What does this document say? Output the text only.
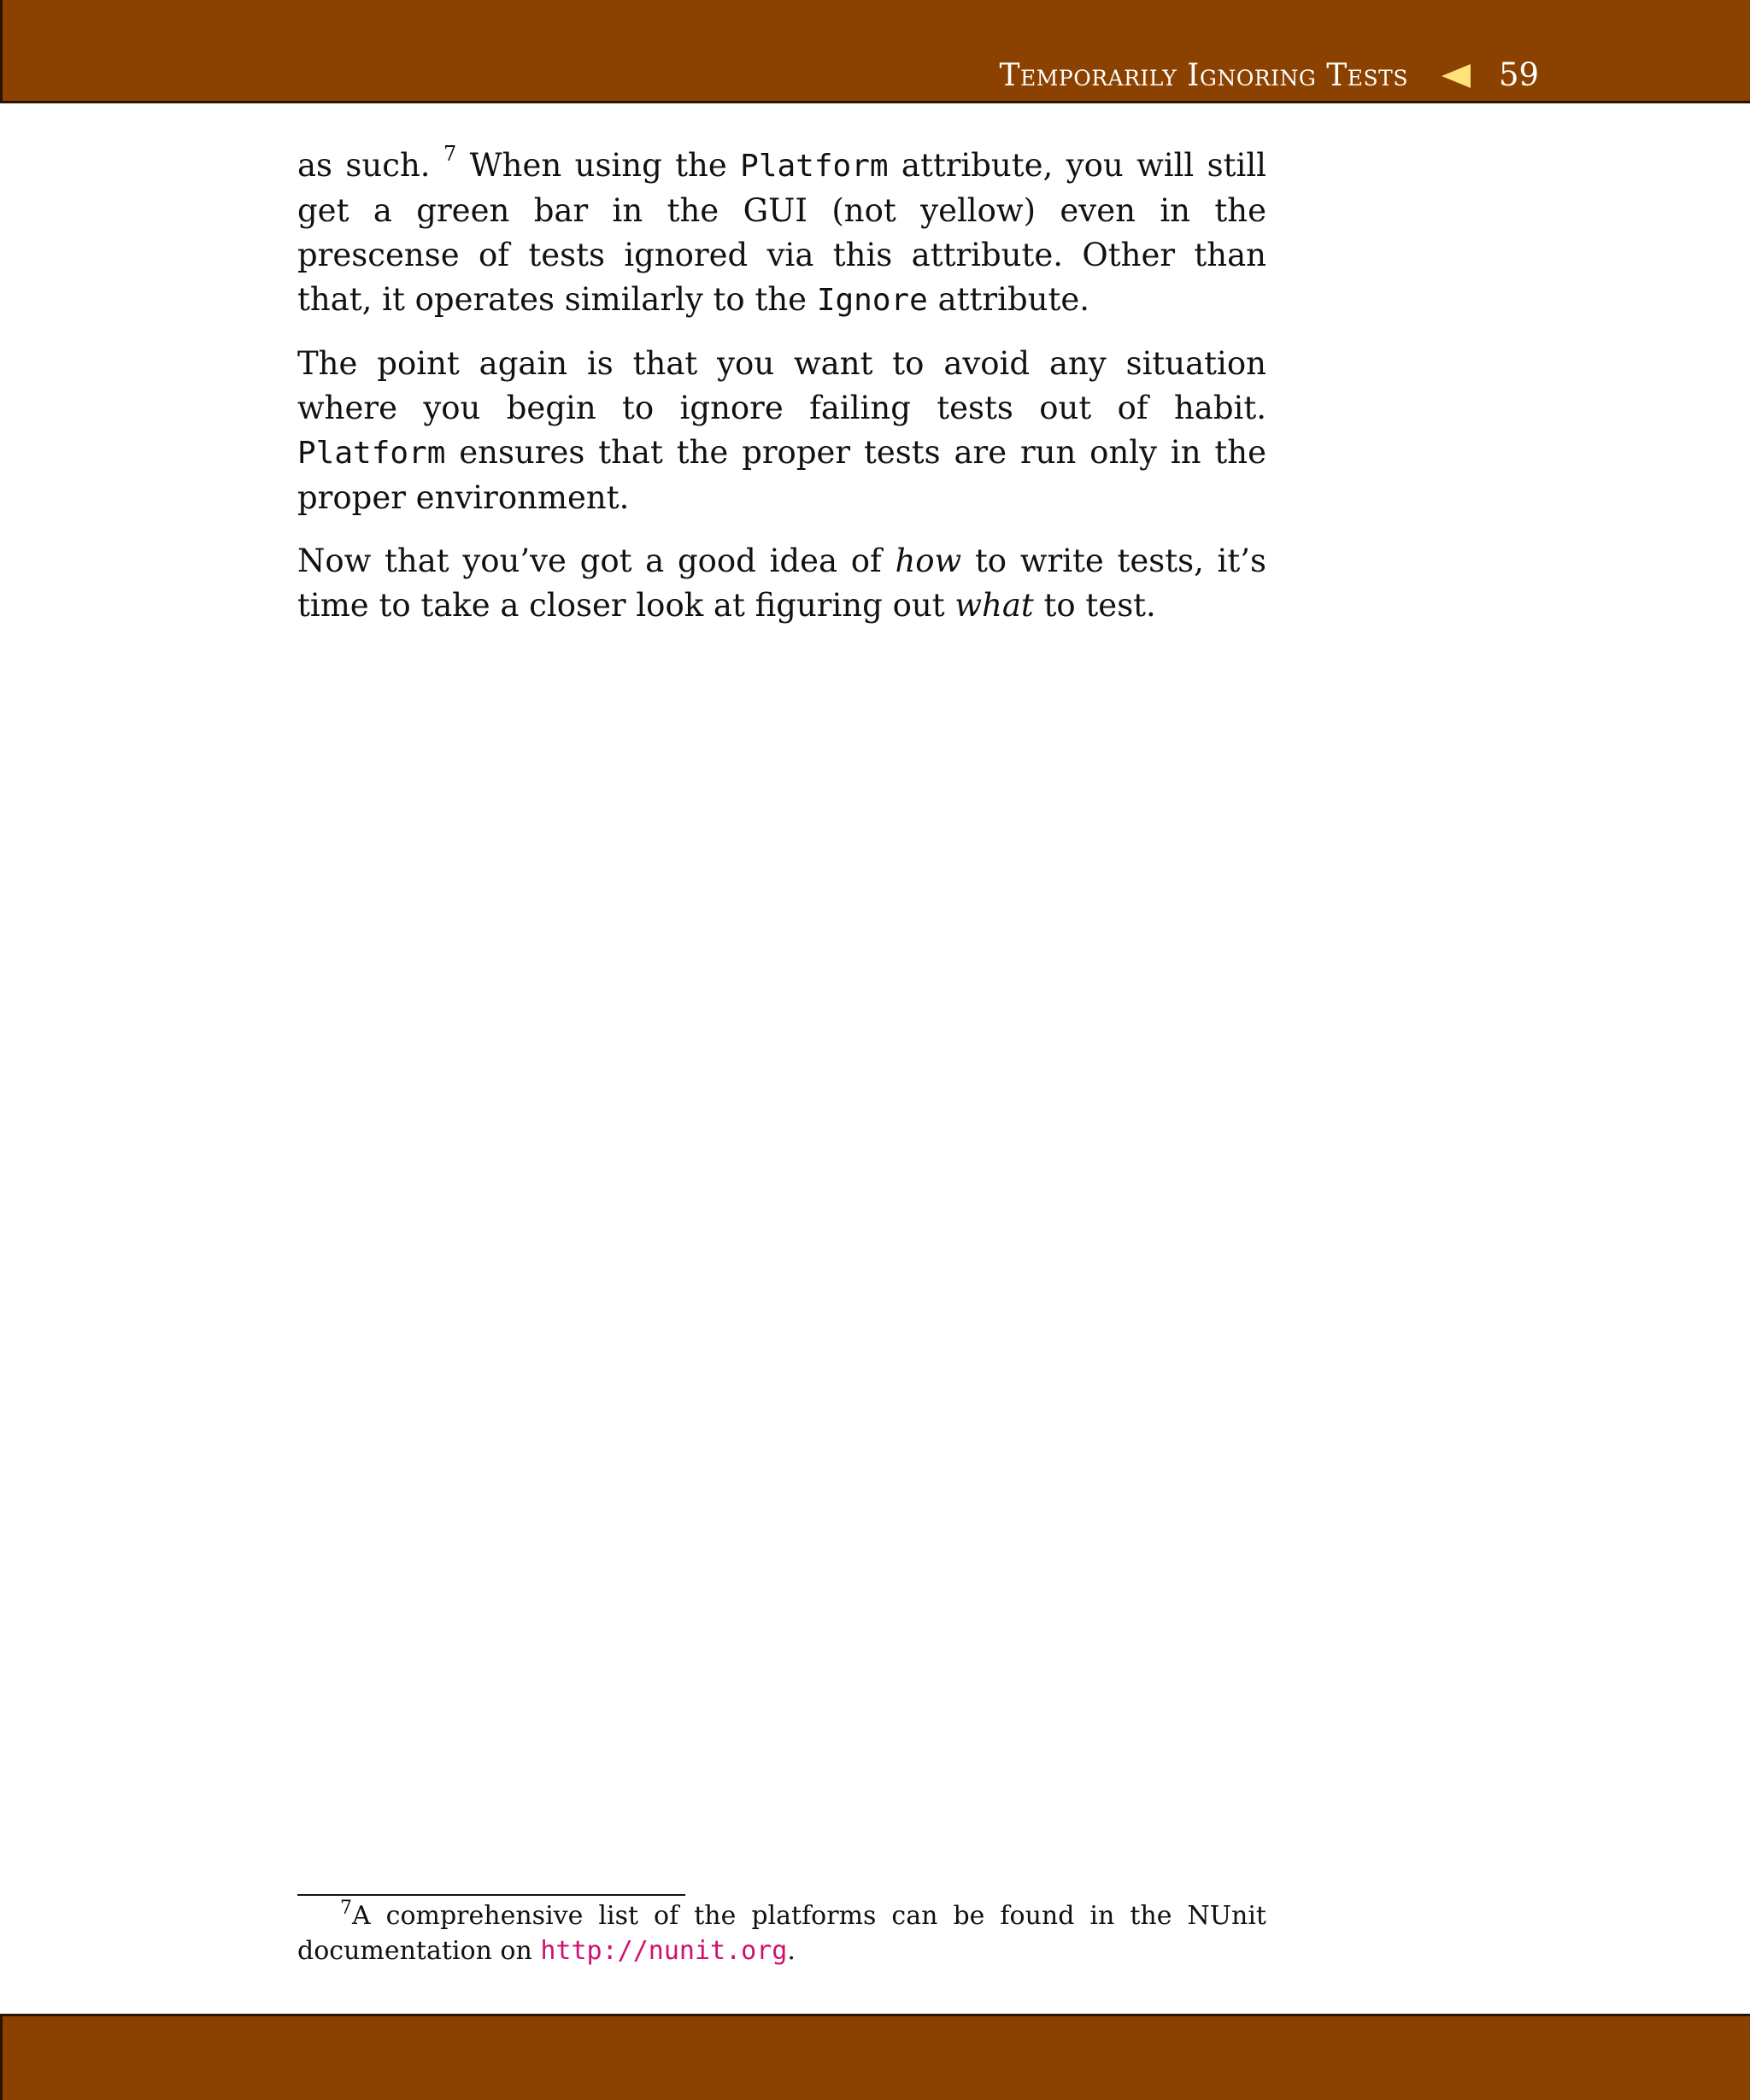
Temporarily Ignoring Tests	59

as such. $^7$ When using the Platform attribute, you will still get a green bar in the GUI (not yellow) even in the prescense of tests ignored via this attribute. Other than that, it operates similarly to the Ignore attribute.

The point again is that you want to avoid any situation where you begin to ignore failing tests out of habit. Platform ensures that the proper tests are run only in the proper environment.

Now that you’ve got a good idea of how to write tests, it’s time to take a closer look at figuring out what to test.

$^7$A comprehensive list of the platforms can be found in the NUnit documentation on http://nunit.org.
